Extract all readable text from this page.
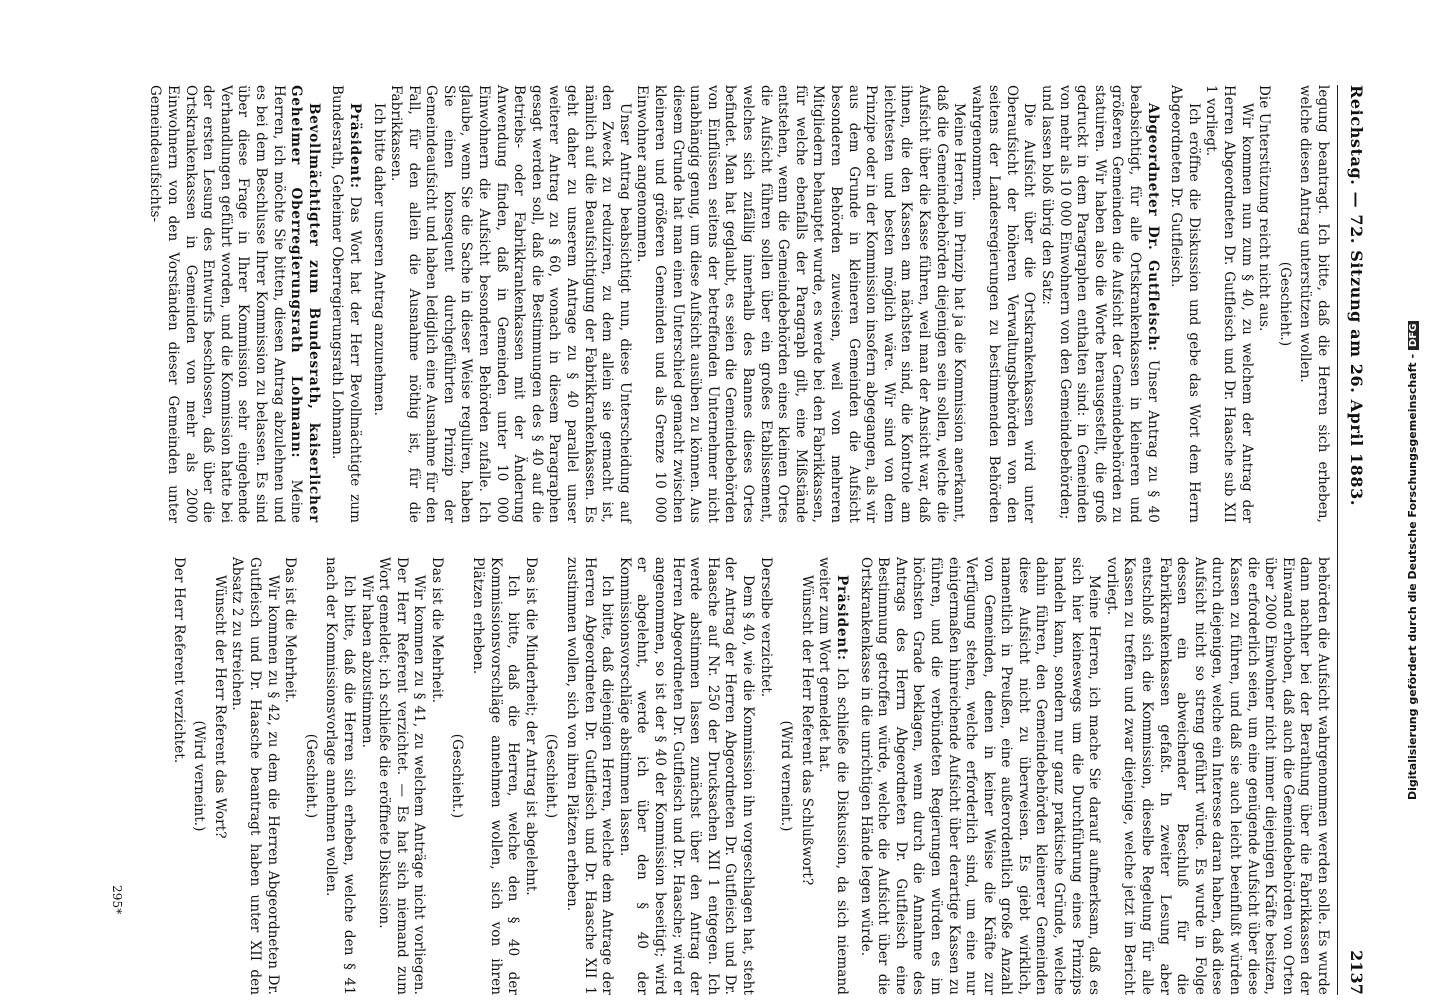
Reichstag. — 72. Sitzung am 26. April 1883.
2137

legung beantragt. Ich bitte, daß die Herren sich erheben, welche diesen Antrag unterstützen wollen.

(Geschieht.)

Die Unterstützung reicht nicht aus.

Wir kommen nun zum § 40, zu welchem der Antrag der Herren Abgeordneten Dr. Gutfleisch und Dr. Haasche sub XII 1 vorliegt.

Ich eröffne die Diskussion und gebe das Wort dem Herrn Abgeordneten Dr. Gutfleisch.

Abgeordneter Dr. Gutfleisch: Unser Antrag zu § 40 beabsichtigt, für alle Ortskrankenkassen in kleineren und größeren Gemeinden die Aufsicht der Gemeindebehörden zu statuiren. Wir haben also die Worte herausgestellt, die groß gedruckt in dem Paragraphen enthalten sind: in Gemeinden von mehr als 10 000 Einwohnern von den Gemeindebehörden;

und lassen bloß übrig den Satz:

Die Aufsicht über die Ortskrankenkassen wird unter Oberaufsicht der höheren Verwaltungsbehörden von den seitens der Landesregierungen zu bestimmenden Behörden wahrgenommen.

Meine Herren, im Prinzip hat ja die Kommission anerkannt, daß die Gemeindebehörden diejenigen sein sollen, welche die Aufsicht über die Kasse führen, weil man der Ansicht war, daß ihnen, die den Kassen am nächsten sind, die Kontrole am leichtesten und besten möglich wäre. Wir sind von dem Prinzipe oder in der Kommission insofern abgegangen, als wir aus dem Grunde in kleineren Gemeinden die Aufsicht besonderen Behörden zuweisen, weil von mehreren Mitgliedern behauptet wurde, es werde bei den Fabrikkassen, für welche ebenfalls der Paragraph gilt, eine Mißstände entstehen, wenn die Gemeindebehörden eines kleinen Ortes die Aufsicht führen sollen über ein großes Etablissement, welches sich zufällig innerhalb des Bannes dieses Ortes befindet. Man hat geglaubt, es seien die Gemeindebehörden von Einflüssen seitens der betreffenden Unternehmer nicht unabhängig genug, um diese Aufsicht ausüben zu können. Aus diesem Grunde hat man einen Unterschied gemacht zwischen kleineren und größeren Gemeinden und als Grenze 10 000 Einwohner angenommen.

Unser Antrag beabsichtigt nun, diese Unterscheidung auf den Zweck zu reduziren, zu dem allein sie gemacht ist, nämlich auf die Beaufsichtigung der Fabrikkrankenkassen. Es geht daher zu unserem Antrage zu § 40 parallel unser weiterer Antrag zu § 60, wonach in diesem Paragraphen gesagt werden soll, daß die Bestimmungen des § 40 auf die Betriebs- oder Fabrikkrankenkassen mit der Änderung Anwendung finden, daß in Gemeinden unter 10 000 Einwohnern die Aufsicht besonderen Behörden zufalle. Ich glaube, wenn Sie die Sache in dieser Weise reguliren, haben Sie einen konsequent durchgeführten Prinzip der Gemeindeaufsicht und haben lediglich eine Ausnahme für den Fall, für den allein die Ausnahme nöthig ist, für die Fabrikkassen.

Ich bitte daher unseren Antrag anzunehmen.

Präsident: Das Wort hat der Herr Bevollmächtigte zum Bundesrath, Geheimer Oberregierungsrath Lohmann.

Bevollmächtigter zum Bundesrath, kaiserlicher Geheimer Oberregierungsrath Lohmann: Meine Herren, ich möchte Sie bitten, diesen Antrag abzulehnen und es bei dem Beschlusse Ihrer Kommission zu belassen. Es sind über diese Frage in Ihrer Kommission sehr eingehende Verhandlungen geführt worden, und die Kommission hatte bei der ersten Lesung des Entwurfs beschlossen, daß über die Ortskrankenkassen in Gemeinden von mehr als 2000 Einwohnern von den Vorständen dieser Gemeinden unter Gemeindeaufsichts-

behörden die Aufsicht wahrgenommen werden solle. Es wurde dann nachher bei der Berathung über die Fabrikkassen der Einwand erhoben, daß auch die Gemeindebehörden von Orten über 2000 Einwohner nicht immer diejenigen Kräfte besitzen, die erforderlich seien, um eine genügende Aufsicht über diese Kassen zu führen, und daß sie auch leicht beeinflußt würden durch diejenigen, welche ein Interesse daran haben, daß diese Aufsicht nicht so streng geführt würde. Es wurde in Folge dessen ein abweichender Beschluß für die Fabrikkrankenkassen gefaßt. In zweiter Lesung aber entschloß sich die Kommission, dieselbe Regelung für alle Kassen zu treffen und zwar diejenige, welche jetzt im Bericht vorliegt.

Meine Herren, ich mache Sie darauf aufmerksam, daß es sich hier keineswegs um die Durchführung eines Prinzips handeln kann, sondern nur ganz praktische Gründe, welche dahin führen, den Gemeindebehörden kleinerer Gemeinden diese Aufsicht nicht zu überweisen. Es giebt wirklich, namentlich in Preußen, eine außerordentlich große Anzahl von Gemeinden, denen in keiner Weise die Kräfte zur Verfügung stehen, welche erforderlich sind, um eine nur einigermaßen hinreichende Aufsicht über derartige Kassen zu führen, und die verbündeten Regierungen würden es im höchsten Grade beklagen, wenn durch die Annahme des Antrags des Herrn Abgeordneten Dr. Gutfleisch eine Bestimmung getroffen würde, welche die Aufsicht über die Ortskrankenkasse in die unrichtigen Hände legen würde.

Präsident: Ich schließe die Diskussion, da sich niemand weiter zum Wort gemeldet hat.

Wünscht der Herr Referent das Schlußwort?

(Wird verneint.)

Derselbe verzichtet.

Dem § 40, wie die Kommission ihn vorgeschlagen hat, steht der Antrag der Herren Abgeordneten Dr. Gutfleisch und Dr. Haasche auf Nr. 250 der Drucksachen XII 1 entgegen. Ich werde abstimmen lassen zunächst über den Antrag der Herren Abgeordneten Dr. Gutfleisch und Dr. Haasche; wird er angenommen, so ist der § 40 der Kommission beseitigt; wird er abgelehnt, werde ich über den § 40 der Kommissionsvorschläge abstimmen lassen.

Ich bitte, daß diejenigen Herren, welche dem Antrage der Herren Abgeordneten Dr. Gutfleisch und Dr. Haasche XII 1 zustimmen wollen, sich von ihren Plätzen erheben.

(Geschieht.)

Das ist die Minderheit; der Antrag ist abgelehnt.

Ich bitte, daß die Herren, welche den § 40 der Kommissionsvorschläge annehmen wollen, sich von ihren Plätzen erheben.

(Geschieht.)

Das ist die Mehrheit.

Wir kommen zu § 41, zu welchem Anträge nicht vorliegen. Der Herr Referent verzichtet. — Es hat sich niemand zum Wort gemeldet; ich schließe die eröffnete Diskussion.

Wir haben abzustimmen.

Ich bitte, daß die Herren sich erheben, welche den § 41 nach der Kommissionsvorlage annehmen wollen.

(Geschieht.)

Das ist die Mehrheit.

Wir kommen zu § 42, zu dem die Herren Abgeordneten Dr. Gutfleisch und Dr. Haasche beantragt haben unter XII den Absatz 2 zu streichen.

Wünscht der Herr Referent das Wort?

(Wird verneint.)

Der Herr Referent verzichtet.

295*
Digitalisierung gefördert durch die Deutsche Forschungsgemeinschaft -DFG
